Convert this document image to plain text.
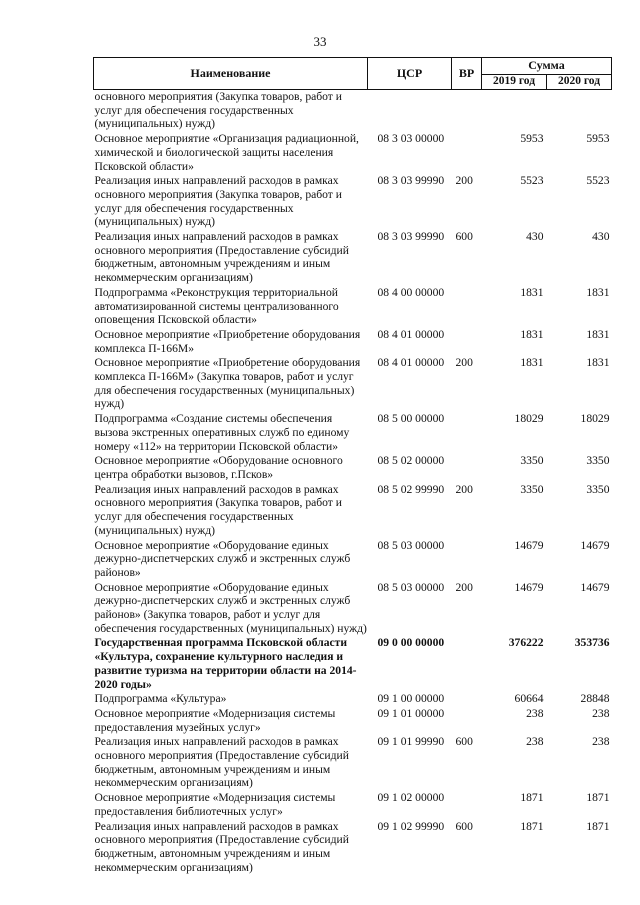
33
Наименование	ЦСР	ВР	Сумма	
			2019 год	2020 год
основного мероприятия (Закупка товаров, работ и услуг для обеспечения государственных (муниципальных) нужд)				
Основное мероприятие «Организация радиационной, химической и биологической защиты населения Псковской области»	08 3 03 00000		5953	5953
Реализация иных направлений расходов в рамках основного мероприятия (Закупка товаров, работ и услуг для обеспечения государственных (муниципальных) нужд)	08 3 03 99990	200	5523	5523
Реализация иных направлений расходов в рамках основного мероприятия (Предоставление субсидий бюджетным, автономным учреждениям и иным некоммерческим организациям)	08 3 03 99990	600	430	430
Подпрограмма «Реконструкция территориальной автоматизированной системы централизованного оповещения Псковской области»	08 4 00 00000		1831	1831
Основное мероприятие «Приобретение оборудования комплекса П-166М»	08 4 01 00000		1831	1831
Основное мероприятие «Приобретение оборудования комплекса П-166М» (Закупка товаров, работ и услуг для обеспечения государственных (муниципальных) нужд)	08 4 01 00000	200	1831	1831
Подпрограмма «Создание системы обеспечения вызова экстренных оперативных служб по единому номеру «112» на территории Псковской области»	08 5 00 00000		18029	18029
Основное мероприятие «Оборудование основного центра обработки вызовов, г.Псков»	08 5 02 00000		3350	3350
Реализация иных направлений расходов в рамках основного мероприятия (Закупка товаров, работ и услуг для обеспечения государственных (муниципальных) нужд)	08 5 02 99990	200	3350	3350
Основное мероприятие «Оборудование единых дежурно-диспетчерских служб и экстренных служб районов»	08 5 03 00000		14679	14679
Основное мероприятие «Оборудование единых дежурно-диспетчерских служб и экстренных служб районов» (Закупка товаров, работ и услуг для обеспечения государственных (муниципальных) нужд)	08 5 03 00000	200	14679	14679
Государственная программа Псковской области «Культура, сохранение культурного наследия и развитие туризма на территории области на 2014-2020 годы»	09 0 00 00000		376222	353736
Подпрограмма «Культура»	09 1 00 00000		60664	28848
Основное мероприятие «Модернизация системы предоставления музейных услуг»	09 1 01 00000		238	238
Реализация иных направлений расходов в рамках основного мероприятия (Предоставление субсидий бюджетным, автономным учреждениям и иным некоммерческим организациям)	09 1 01 99990	600	238	238
Основное мероприятие «Модернизация системы предоставления библиотечных услуг»	09 1 02 00000		1871	1871
Реализация иных направлений расходов в рамках основного мероприятия (Предоставление субсидий бюджетным, автономным учреждениям и иным некоммерческим организациям)	09 1 02 99990	600	1871	1871
